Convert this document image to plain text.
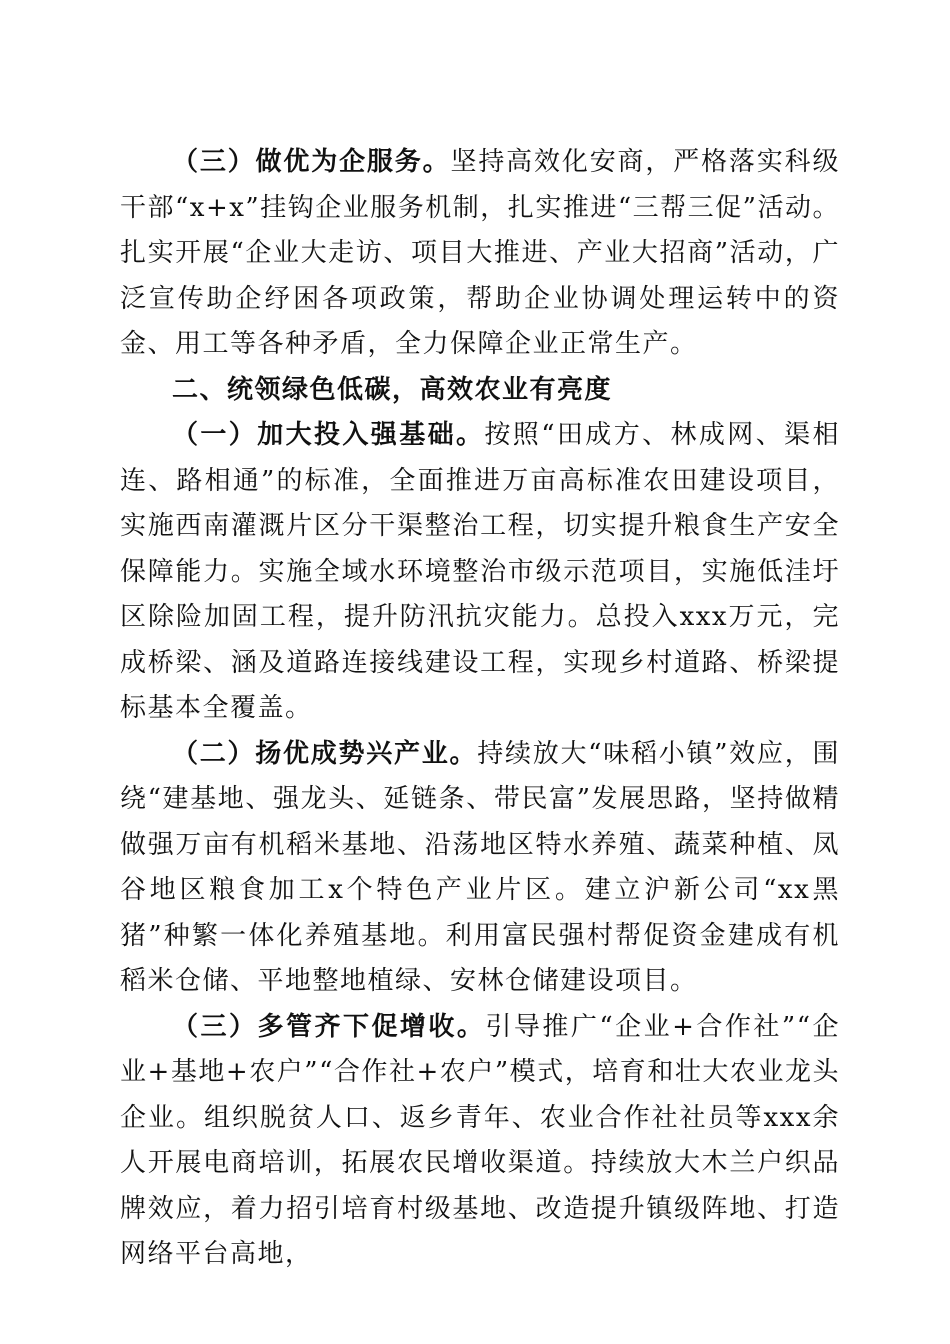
（三）做优为企服务。坚持高效化安商，严格落实科级干部“x+x”挂钩企业服务机制，扎实推进“三帮三促”活动。扎实开展“企业大走访、项目大推进、产业大招商”活动，广泛宣传助企纾困各项政策，帮助企业协调处理运转中的资金、用工等各种矛盾，全力保障企业正常生产。

二、统领绿色低碳，高效农业有亮度

（一）加大投入强基础。按照“田成方、林成网、渠相连、路相通”的标准，全面推进万亩高标准农田建设项目，实施西南灌溉片区分干渠整治工程，切实提升粮食生产安全保障能力。实施全域水环境整治市级示范项目，实施低洼圩区除险加固工程，提升防汛抗灾能力。总投入xxx万元，完成桥梁、涵及道路连接线建设工程，实现乡村道路、桥梁提标基本全覆盖。

（二）扬优成势兴产业。持续放大“味稻小镇”效应，围绕“建基地、强龙头、延链条、带民富”发展思路，坚持做精做强万亩有机稻米基地、沿荡地区特水养殖、蔬菜种植、凤谷地区粮食加工x个特色产业片区。建立沪新公司“xx黑猪”种繁一体化养殖基地。利用富民强村帮促资金建成有机稻米仓储、平地整地植绿、安林仓储建设项目。

（三）多管齐下促增收。引导推广“企业+合作社”“企业+基地+农户”“合作社+农户”模式，培育和壮大农业龙头企业。组织脱贫人口、返乡青年、农业合作社社员等xxx余人开展电商培训，拓展农民增收渠道。持续放大木兰户织品牌效应，着力招引培育村级基地、改造提升镇级阵地、打造网络平台高地，
